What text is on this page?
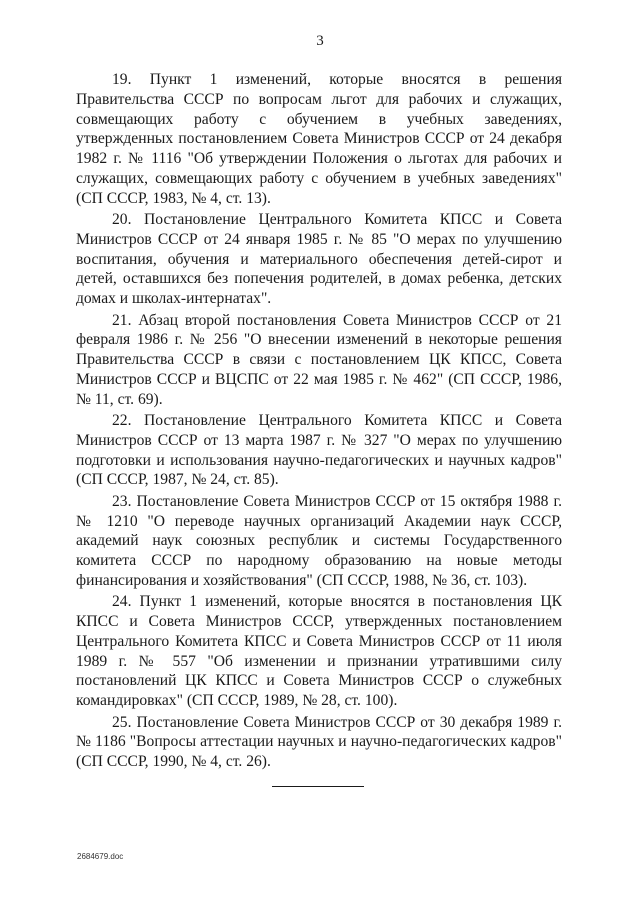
3

19. Пункт 1 изменений, которые вносятся в решения Правительства СССР по вопросам льгот для рабочих и служащих, совмещающих работу с обучением в учебных заведениях, утвержденных постановлением Совета Министров СССР от 24 декабря 1982 г. № 1116 "Об утверждении Положения о льготах для рабочих и служащих, совмещающих работу с обучением в учебных заведениях" (СП СССР, 1983, № 4, ст. 13).

20. Постановление Центрального Комитета КПСС и Совета Министров СССР от 24 января 1985 г. № 85 "О мерах по улучшению воспитания, обучения и материального обеспечения детей-сирот и детей, оставшихся без попечения родителей, в домах ребенка, детских домах и школах-интернатах".

21. Абзац второй постановления Совета Министров СССР от 21 февраля 1986 г. № 256 "О внесении изменений в некоторые решения Правительства СССР в связи с постановлением ЦК КПСС, Совета Министров СССР и ВЦСПС от 22 мая 1985 г. № 462" (СП СССР, 1986, № 11, ст. 69).

22. Постановление Центрального Комитета КПСС и Совета Министров СССР от 13 марта 1987 г. № 327 "О мерах по улучшению подготовки и использования научно-педагогических и научных кадров" (СП СССР, 1987, № 24, ст. 85).

23. Постановление Совета Министров СССР от 15 октября 1988 г. № 1210 "О переводе научных организаций Академии наук СССР, академий наук союзных республик и системы Государственного комитета СССР по народному образованию на новые методы финансирования и хозяйствования" (СП СССР, 1988, № 36, ст. 103).

24. Пункт 1 изменений, которые вносятся в постановления ЦК КПСС и Совета Министров СССР, утвержденных постановлением Центрального Комитета КПСС и Совета Министров СССР от 11 июля 1989 г. № 557 "Об изменении и признании утратившими силу постановлений ЦК КПСС и Совета Министров СССР о служебных командировках" (СП СССР, 1989, № 28, ст. 100).

25. Постановление Совета Министров СССР от 30 декабря 1989 г. № 1186 "Вопросы аттестации научных и научно-педагогических кадров" (СП СССР, 1990, № 4, ст. 26).

2684679.doc
